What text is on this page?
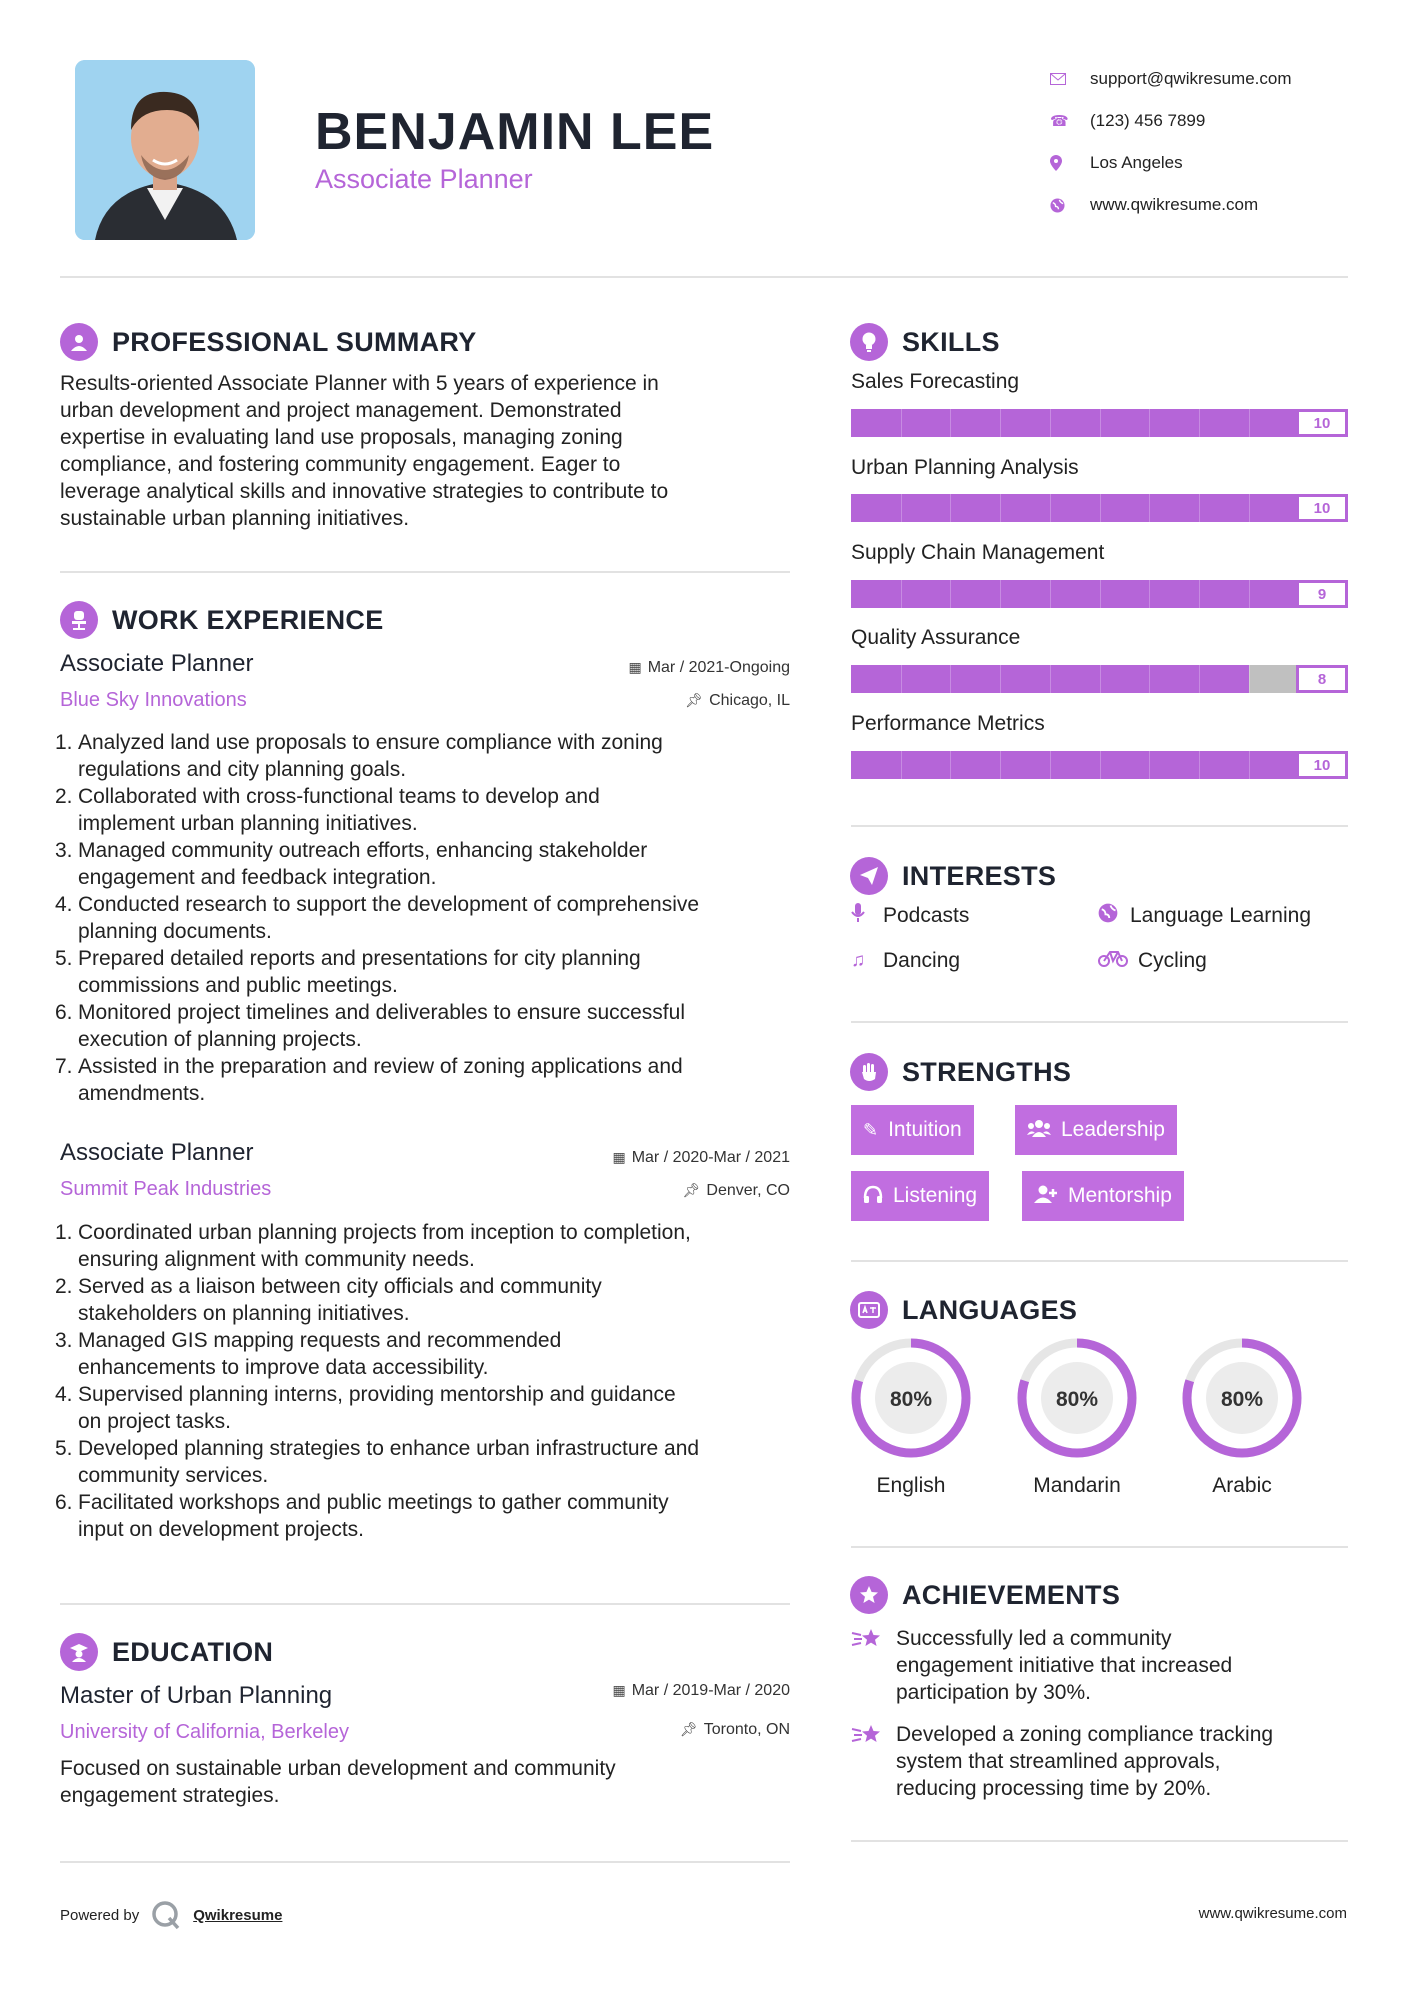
BENJAMIN LEE
Associate Planner
support@qwikresume.com
☎	(123) 456 7899
Los Angeles
www.qwikresume.com
PROFESSIONAL SUMMARY
Results-oriented Associate Planner with 5 years of experience in
urban development and project management. Demonstrated
expertise in evaluating land use proposals, managing zoning
compliance, and fostering community engagement. Eager to
leverage analytical skills and innovative strategies to contribute to
sustainable urban planning initiatives.
WORK EXPERIENCE
Associate Planner
Blue Sky Innovations
▦ Mar / 2021-Ongoing
📌︎ Chicago, IL
1. Analyzed land use proposals to ensure compliance with zoning
regulations and city planning goals.
2. Collaborated with cross-functional teams to develop and
implement urban planning initiatives.
3. Managed community outreach efforts, enhancing stakeholder
engagement and feedback integration.
4. Conducted research to support the development of comprehensive
planning documents.
5. Prepared detailed reports and presentations for city planning
commissions and public meetings.
6. Monitored project timelines and deliverables to ensure successful
execution of planning projects.
7. Assisted in the preparation and review of zoning applications and
amendments.
Associate Planner
Summit Peak Industries
▦ Mar / 2020-Mar / 2021
📌︎ Denver, CO
1. Coordinated urban planning projects from inception to completion,
ensuring alignment with community needs.
2. Served as a liaison between city officials and community
stakeholders on planning initiatives.
3. Managed GIS mapping requests and recommended
enhancements to improve data accessibility.
4. Supervised planning interns, providing mentorship and guidance
on project tasks.
5. Developed planning strategies to enhance urban infrastructure and
community services.
6. Facilitated workshops and public meetings to gather community
input on development projects.
EDUCATION
Master of Urban Planning
University of California, Berkeley
▦ Mar / 2019-Mar / 2020
📌︎ Toronto, ON
Focused on sustainable urban development and community
engagement strategies.
SKILLS
Sales Forecasting
10
Urban Planning Analysis
10
Supply Chain Management
9
Quality Assurance
8
Performance Metrics
10
INTERESTS
Podcasts	Language Learning
♫ Dancing	Cycling
STRENGTHS
✎ Intuition	Leadership
Listening	Mentorship
LANGUAGES
80%
English
80%
Mandarin
80%
Arabic
ACHIEVEMENTS
Successfully led a community
engagement initiative that increased
participation by 30%.
Developed a zoning compliance tracking
system that streamlined approvals,
reducing processing time by 20%.
Powered by	Qwikresume	www.qwikresume.com
